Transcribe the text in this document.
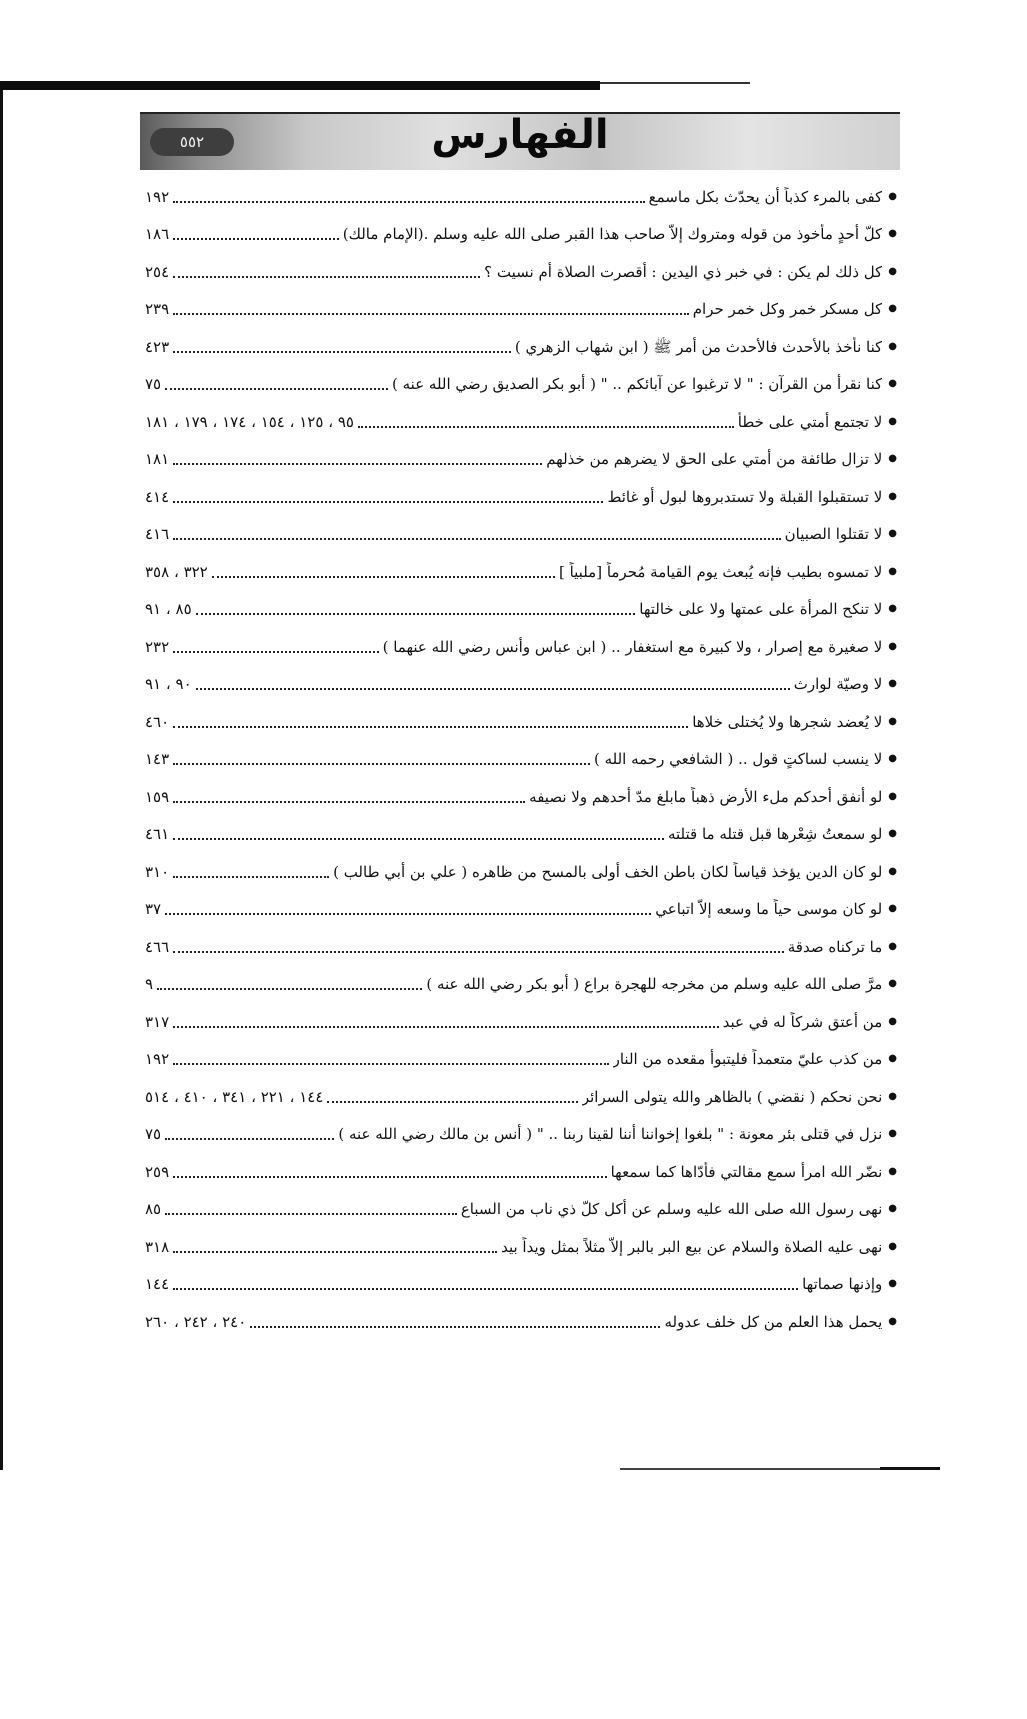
٥٥٢	الفهارس
●
كفى بالمرء كذباً أن يحدّث بكل ماسمع
١٩٢
●
كلّ أحدٍ مأخوذ من قوله ومتروك إلاّ صاحب هذا القبر صلى الله عليه وسلم .(الإمام مالك)
١٨٦
●
كل ذلك لم يكن : في خبر ذي اليدين : أقصرت الصلاة أم نسيت ؟
٢٥٤
●
كل مسكر خمر وكل خمر حرام
٢٣٩
●
كنا نأخذ بالأحدث فالأحدث من أمر ﷺ ( ابن شهاب الزهري )
٤٢٣
●
كنا نقرأ من القرآن : " لا ترغبوا عن آبائكم .. " ( أبو بكر الصديق رضي الله عنه )
٧٥
●
لا تجتمع أمتي على خطأ
٩٥ ، ١٢٥ ، ١٥٤ ، ١٧٤ ، ١٧٩ ، ١٨١
●
لا تزال طائفة من أمتي على الحق لا يضرهم من خذلهم
١٨١
●
لا تستقبلوا القبلة ولا تستدبروها لبول أو غائط
٤١٤
●
لا تقتلوا الصبيان
٤١٦
●
لا تمسوه بطيب فإنه يُبعث يوم القيامة مُحرماً [ملبياً ]
٣٢٢ ، ٣٥٨
●
لا تنكح المرأة على عمتها ولا على خالتها
٨٥ ، ٩١
●
لا صغيرة مع إصرار ، ولا كبيرة مع استغفار .. ( ابن عباس وأنس رضي الله عنهما )
٢٣٢
●
لا وصيّة لوارث
٩٠ ، ٩١
●
لا يُعضد شجرها ولا يُختلى خلاها
٤٦٠
●
لا ينسب لساكتٍ قول .. ( الشافعي رحمه الله )
١٤٣
●
لو أنفق أحدكم ملء الأرض ذهباً مابلغ مدّ أحدهم ولا نصيفه
١٥٩
●
لو سمعتُ شِعْرها قبل قتله ما قتلته
٤٦١
●
لو كان الدين يؤخذ قياساً لكان باطن الخف أولى بالمسح من ظاهره ( علي بن أبي طالب )
٣١٠
●
لو كان موسى حياً ما وسعه إلاّ اتباعي
٣٧
●
ما تركناه صدقة
٤٦٦
●
مرَّ صلى الله عليه وسلم من مخرجه للهجرة براعٍ ( أبو بكر رضي الله عنه )
٩
●
من أعتق شركاً له في عبد
٣١٧
●
من كذب عليّ متعمداً فليتبوأ مقعده من النار
١٩٢
●
نحن نحكم ( نقضي ) بالظاهر والله يتولى السرائر
١٤٤ ، ٢٢١ ، ٣٤١ ، ٤١٠ ، ٥١٤
●
نزل في قتلى بئر معونة : " بلغوا إخواننا أننا لقينا ربنا .. " ( أنس بن مالك رضي الله عنه )
٧٥
●
نضّر الله امرأً سمع مقالتي فأدّاها كما سمعها
٢٥٩
●
نهى رسول الله صلى الله عليه وسلم عن أكل كلّ ذي ناب من السباع
٨٥
●
نهى عليه الصلاة والسلام عن بيع البر بالبر إلاّ مثلاً بمثل ويداً بيد
٣١٨
●
وإذنها صماتها
١٤٤
●
يحمل هذا العلم من كل خلف عدوله
٢٤٠ ، ٢٤٢ ، ٢٦٠
